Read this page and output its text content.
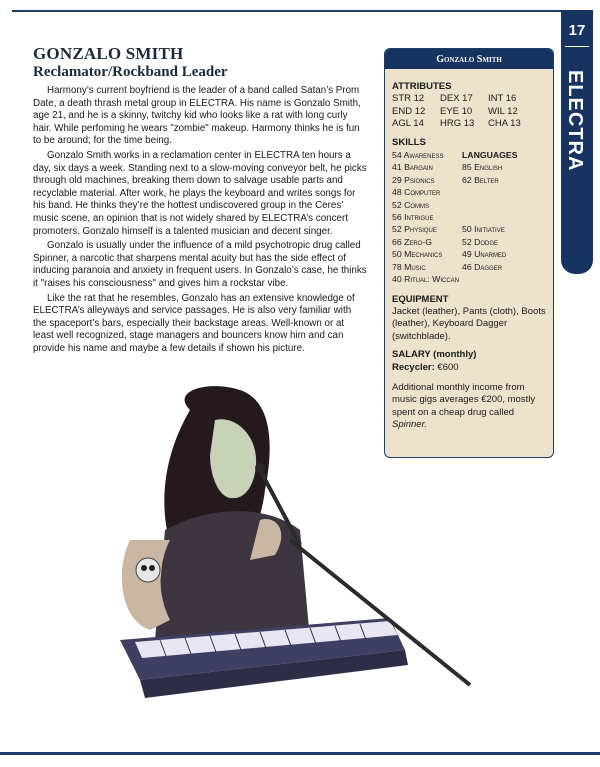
17
ELECTRA
GONZALO SMITH
Reclamator/Rockband Leader

Harmony’s current boyfriend is the leader of a band called Satan’s Prom Date, a death thrash metal group in ELECTRA. His name is Gonzalo Smith, age 21, and he is a skinny, twitchy kid who looks like a rat with long curly hair. While perfoming he wears "zombie" makeup. Harmony thinks he is fun to be around; for the time being.

Gonzalo Smith works in a reclamation center in ELECTRA ten hours a day, six days a week. Standing next to a slow-moving conveyor belt, he picks through old machines, breaking them down to salvage usable parts and recyclable material. After work, he plays the keyboard and writes songs for his band. He thinks they’re the hottest undiscovered group in the Ceres’ music scene, an opinion that is not widely shared by ELECTRA’s concert promoters. Gonzalo himself is a talented musician and decent singer.

Gonzalo is usually under the influence of a mild psychotropic drug called Spinner, a narcotic that sharpens mental acuity but has the side effect of inducing paranoia and anxiety in frequent users. In Gonzalo’s case, he thinks it "raises his consciousness" and gives him a rockstar vibe.

Like the rat that he resembles, Gonzalo has an extensive knowledge of ELECTRA’s alleyways and service passages. He is also very familiar with the spaceport’s bars, especially their backstage areas. Well-known or at least well recognized, stage managers and bouncers know him and can provide his name and maybe a few details if shown his picture.

Gonzalo Smith
ATTRIBUTES
STR 12	DEX 17	INT 16
END 12	EYE 10	WIL 12
AGL 14	HRG 13	CHA 13
SKILLS
54 Awareness	LANGUAGES
41 Bargain	85 English
29 Psionics	62 Belter
48 Computer
52 Comms
56 Intrigue
52 Physique	50 Initiative
66 Zero-G	52 Dodge
50 Mechanics	49 Unarmed
78 Music	46 Dagger
40 Ritual: Wiccan
EQUIPMENT
Jacket (leather), Pants (cloth), Boots (leather), Keyboard Dagger (switchblade).
SALARY (monthly)
Recycler: €600
Additional monthly income from music gigs averages €200, mostly spent on a cheap drug called Spinner.
